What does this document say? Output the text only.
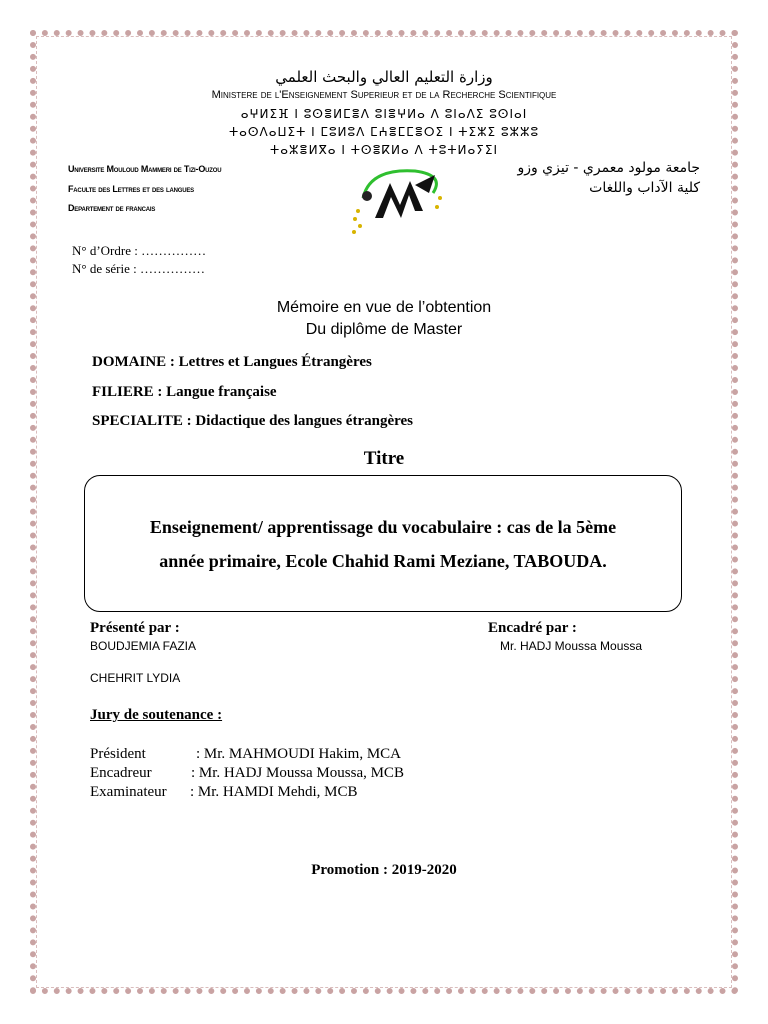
وزارة التعليم العالي والبحث العلمي
Ministere de l'Enseignement Superieur et de la Recherche Scientifique
ⴰⵖⵍⵉⴼ ⵏ ⵓⵙⴻⵍⵎⴻⴷ ⵓⵏⴻⵖⵍⴰ ⴷ ⵓⵏⴰⴷⵉ ⵓⵙⵏⴰⵏ
ⵜⴰⵙⴷⴰⵡⵉⵜ ⵏ ⵎⵓⵍⵓⴷ ⵎⵄⴻⵎⵎⴻⵔⵉ ⵏ ⵜⵉⵣⵉ ⵓⵣⵣⵓ
ⵜⴰⵣⴻⵍⴳⴰ ⵏ ⵜⵙⴻⴽⵍⴰ ⴷ ⵜⵓⵜⵍⴰⵢⵉⵏ
Universite Mouloud Mammeri de Tizi-Ouzou
Faculte des Lettres et des langues
Departement de francais
جامعة مولود معمري - تيزي وزو
كلية الآداب واللغات
N° d’Ordre : ……………
N° de série : ……………
Mémoire en vue de l’obtention
Du diplôme de Master
DOMAINE : Lettres et Langues Étrangères
FILIERE : Langue française
SPECIALITE : Didactique des langues étrangères
Titre
Enseignement/ apprentissage du vocabulaire : cas de la 5ème
année primaire, Ecole Chahid Rami Meziane, TABOUDA.
Présenté par :
BOUDJEMIA FAZIA
CHEHRIT LYDIA
Encadré par :
Mr. HADJ Moussa Moussa
Jury de soutenance :
Président	: Mr. MAHMOUDI Hakim, MCA
Encadreur	: Mr. HADJ Moussa Moussa, MCB
Examinateur : Mr. HAMDI Mehdi, MCB
Promotion : 2019-2020
